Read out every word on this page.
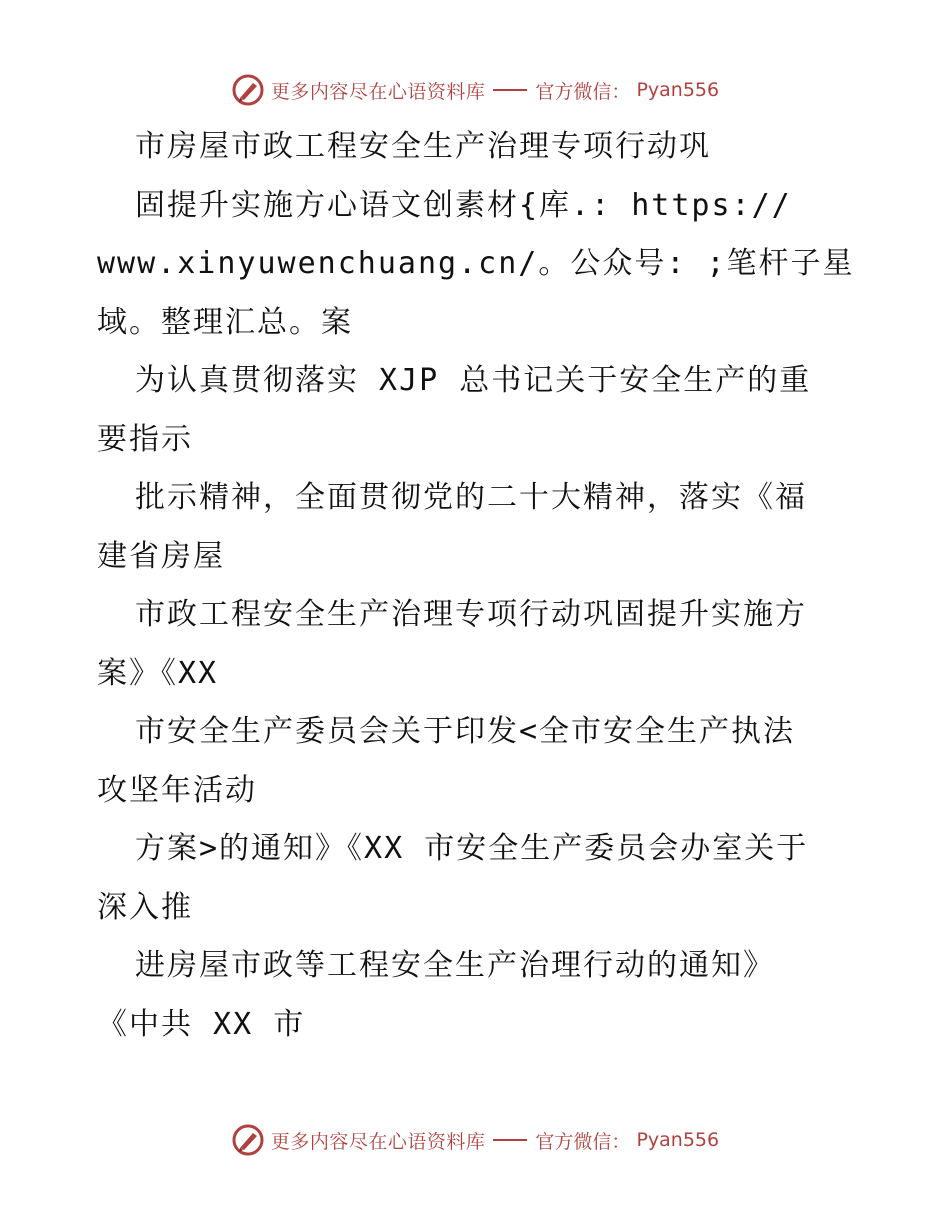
更多内容尽在心语资料库	官方微信： Pyan556
市房屋市政工程安全生产治理专项行动巩
固提升实施方心语文创素材{库.: https://
www.xinyuwenchuang.cn/。公众号: ;笔杆子星
域。整理汇总。案
为认真贯彻落实 XJP 总书记关于安全生产的重
要指示
批示精神，全面贯彻党的二十大精神，落实《福
建省房屋
市政工程安全生产治理专项行动巩固提升实施方
案》《XX
市安全生产委员会关于印发<全市安全生产执法
攻坚年活动
方案>的通知》《XX 市安全生产委员会办室关于
深入推
进房屋市政等工程安全生产治理行动的通知》
《中共 XX 市
更多内容尽在心语资料库	官方微信： Pyan556
